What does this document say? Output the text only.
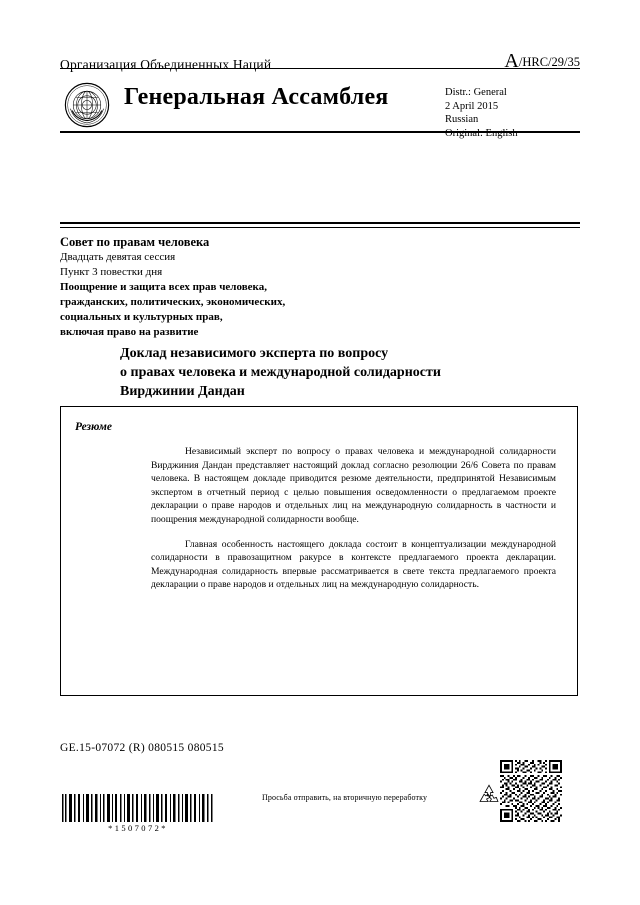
Организация Объединенных Наций	A/HRC/29/35
Генеральная Ассамблея	Distr.: General
2 April 2015
Russian
Original: English
Совет по правам человека
Двадцать девятая сессия
Пункт 3 повестки дня
Поощрение и защита всех прав человека,
гражданских, политических, экономических,
социальных и культурных прав,
включая право на развитие
Доклад независимого эксперта по вопросу
о правах человека и международной солидарности
Вирджинии Дандан
Резюме

Независимый эксперт по вопросу о правах человека и международной солидарности Вирджиния Дандан представляет настоящий доклад согласно резолюции 26/6 Совета по правам человека. В настоящем докладе приводится резюме деятельности, предпринятой Независимым экспертом в отчетный период с целью повышения осведомленности о предлагаемом проекте декларации о праве народов и отдельных лиц на международную солидарность в частности и поощрения международной солидарности вообще.

Главная особенность настоящего доклада состоит в концептуализации международной солидарности в правозащитном ракурсе в контексте предлагаемого проекта декларации. Международная солидарность впервые рассматривается в свете текста предлагаемого проекта декларации о праве народов и отдельных лиц на международную солидарность.

GE.15-07072 (R) 080515 080515
Просьба отправить, на вторичную переработку
*1507072*
